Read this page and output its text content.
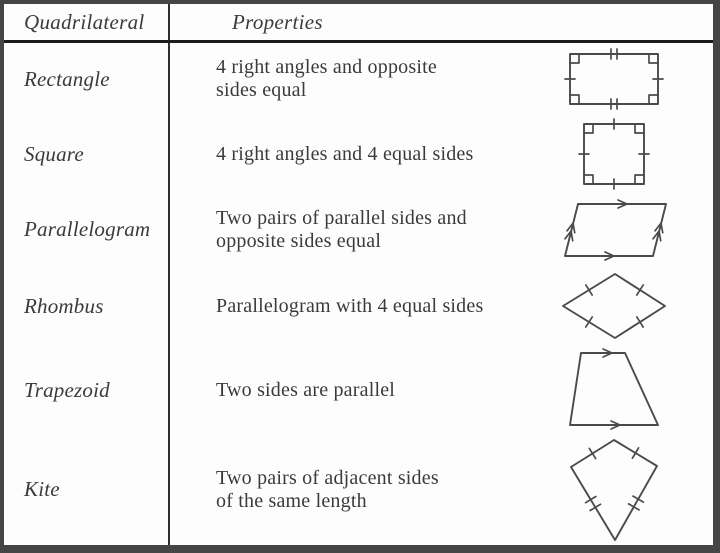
Quadrilateral	Properties
Rectangle	4 right angles and opposite
sides equal
Square	4 right angles and 4 equal sides
Parallelogram	Two pairs of parallel sides and
opposite sides equal
Rhombus	Parallelogram with 4 equal sides
Trapezoid	Two sides are parallel
Kite	Two pairs of adjacent sides
of the same length
